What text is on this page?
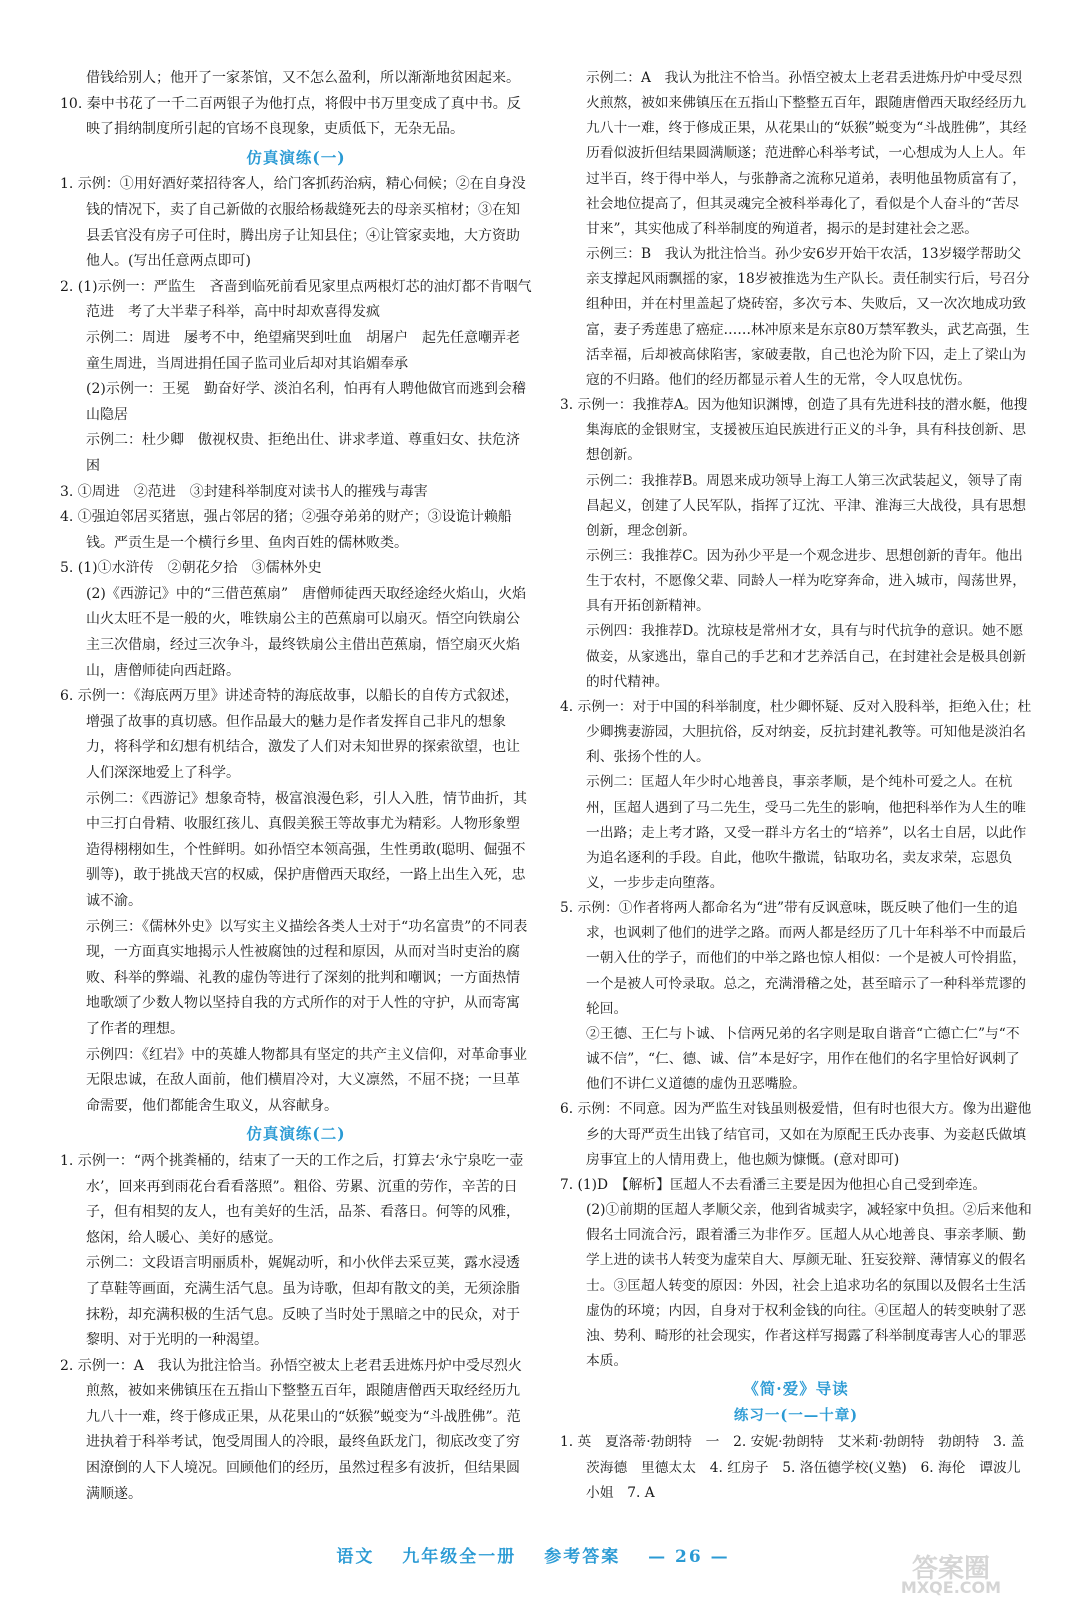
借钱给别人；他开了一家茶馆，又不怎么盈利，所以渐渐地贫困起来。

10. 秦中书花了一千二百两银子为他打点，将假中书万里变成了真中书。反映了捐纳制度所引起的官场不良现象，吏质低下，无杂无品。

仿真演练(一)

1. 示例：①用好酒好菜招待客人，给门客抓药治病，精心伺候；②在自身没钱的情况下，卖了自己新做的衣服给杨裁缝死去的母亲买棺材；③在知县丢官没有房子可住时，腾出房子让知县住；④让管家卖地，大方资助他人。(写出任意两点即可)

2. (1)示例一：严监生　吝啬到临死前看见家里点两根灯芯的油灯都不肯咽气　范进　考了大半辈子科举，高中时却欢喜得发疯

示例二：周进　屡考不中，绝望痛哭到吐血　胡屠户　起先任意嘲弄老童生周进，当周进捐任国子监司业后却对其谄媚奉承

(2)示例一：王冕　勤奋好学、淡泊名利，怕再有人聘他做官而逃到会稽山隐居

示例二：杜少卿　傲视权贵、拒绝出仕、讲求孝道、尊重妇女、扶危济困

3. ①周进　②范进　③封建科举制度对读书人的摧残与毒害

4. ①强迫邻居买猪崽，强占邻居的猪；②强夺弟弟的财产；③设诡计赖船钱。严贡生是一个横行乡里、鱼肉百姓的儒林败类。

5. (1)①水浒传　②朝花夕拾　③儒林外史

(2)《西游记》中的“三借芭蕉扇”　唐僧师徒西天取经途经火焰山，火焰山火太旺不是一般的火，唯铁扇公主的芭蕉扇可以扇灭。悟空向铁扇公主三次借扇，经过三次争斗，最终铁扇公主借出芭蕉扇，悟空扇灭火焰山，唐僧师徒向西赶路。

6. 示例一：《海底两万里》讲述奇特的海底故事，以船长的自传方式叙述，增强了故事的真切感。但作品最大的魅力是作者发挥自己非凡的想象力，将科学和幻想有机结合，激发了人们对未知世界的探索欲望，也让人们深深地爱上了科学。

示例二：《西游记》想象奇特，极富浪漫色彩，引人入胜，情节曲折，其中三打白骨精、收服红孩儿、真假美猴王等故事尤为精彩。人物形象塑造得栩栩如生，个性鲜明。如孙悟空本领高强，生性勇敢(聪明、倔强不驯等)，敢于挑战天宫的权威，保护唐僧西天取经，一路上出生入死，忠诚不渝。

示例三：《儒林外史》以写实主义描绘各类人士对于“功名富贵”的不同表现，一方面真实地揭示人性被腐蚀的过程和原因，从而对当时吏治的腐败、科举的弊端、礼教的虚伪等进行了深刻的批判和嘲讽；一方面热情地歌颂了少数人物以坚持自我的方式所作的对于人性的守护，从而寄寓了作者的理想。

示例四：《红岩》中的英雄人物都具有坚定的共产主义信仰，对革命事业无限忠诚，在敌人面前，他们横眉冷对，大义凛然，不屈不挠；一旦革命需要，他们都能舍生取义，从容献身。

仿真演练(二)

1. 示例一：“两个挑粪桶的，结束了一天的工作之后，打算去‘永宁泉吃一壶水’，回来再到雨花台看看落照”。粗俗、劳累、沉重的劳作，辛苦的日子，但有相契的友人，也有美好的生活，品茶、看落日。何等的风雅，悠闲，给人暖心、美好的感觉。

示例二：文段语言明丽质朴，娓娓动听，和小伙伴去采豆荚，露水浸透了草鞋等画面，充满生活气息。虽为诗歌，但却有散文的美，无须涂脂抹粉，却充满积极的生活气息。反映了当时处于黑暗之中的民众，对于黎明、对于光明的一种渴望。

2. 示例一：A　我认为批注恰当。孙悟空被太上老君丢进炼丹炉中受尽烈火煎熬，被如来佛镇压在五指山下整整五百年，跟随唐僧西天取经经历九九八十一难，终于修成正果，从花果山的“妖猴”蜕变为“斗战胜佛”。范进执着于科举考试，饱受周围人的冷眼，最终鱼跃龙门，彻底改变了穷困潦倒的人下人境况。回顾他们的经历，虽然过程多有波折，但结果圆满顺遂。

示例二：A　我认为批注不恰当。孙悟空被太上老君丢进炼丹炉中受尽烈火煎熬，被如来佛镇压在五指山下整整五百年，跟随唐僧西天取经经历九九八十一难，终于修成正果，从花果山的“妖猴”蜕变为“斗战胜佛”，其经历看似波折但结果圆满顺遂；范进醉心科举考试，一心想成为人上人。年过半百，终于得中举人，与张静斋之流称兄道弟，表明他虽物质富有了，社会地位提高了，但其灵魂完全被科举毒化了，看似是个人奋斗的“苦尽甘来”，其实他成了科举制度的殉道者，揭示的是封建社会之恶。

示例三：B　我认为批注恰当。孙少安6岁开始干农活，13岁辍学帮助父亲支撑起风雨飘摇的家，18岁被推选为生产队长。责任制实行后，号召分组种田，并在村里盖起了烧砖窑，多次亏本、失败后，又一次次地成功致富，妻子秀莲患了癌症……林冲原来是东京80万禁军教头，武艺高强，生活幸福，后却被高俅陷害，家破妻散，自己也沦为阶下囚，走上了梁山为寇的不归路。他们的经历都显示着人生的无常，令人叹息忧伤。

3. 示例一：我推荐A。因为他知识渊博，创造了具有先进科技的潜水艇，他搜集海底的金银财宝，支援被压迫民族进行正义的斗争，具有科技创新、思想创新。

示例二：我推荐B。周恩来成功领导上海工人第三次武装起义，领导了南昌起义，创建了人民军队，指挥了辽沈、平津、淮海三大战役，具有思想创新，理念创新。

示例三：我推荐C。因为孙少平是一个观念进步、思想创新的青年。他出生于农村，不愿像父辈、同龄人一样为吃穿奔命，进入城市，闯荡世界，具有开拓创新精神。

示例四：我推荐D。沈琼枝是常州才女，具有与时代抗争的意识。她不愿做妾，从家逃出，靠自己的手艺和才艺养活自己，在封建社会是极具创新的时代精神。

4. 示例一：对于中国的科举制度，杜少卿怀疑、反对入股科举，拒绝入仕；杜少卿携妻游园，大胆抗俗，反对纳妾，反抗封建礼教等。可知他是淡泊名利、张扬个性的人。

示例二：匡超人年少时心地善良，事亲孝顺，是个纯朴可爱之人。在杭州，匡超人遇到了马二先生，受马二先生的影响，他把科举作为人生的唯一出路；走上考才路，又受一群斗方名士的“培养”，以名士自居，以此作为追名逐利的手段。自此，他吹牛撒谎，钻取功名，卖友求荣，忘恩负义，一步步走向堕落。

5. 示例：①作者将两人都命名为“进”带有反讽意味，既反映了他们一生的追求，也讽刺了他们的进学之路。而两人都是经历了几十年科举不中而最后一朝入仕的学子，而他们的中举之路也惊人相似：一个是被人可怜捐监，一个是被人可怜录取。总之，充满滑稽之处，甚至暗示了一种科举荒谬的轮回。

②王德、王仁与卜诚、卜信两兄弟的名字则是取自谐音“亡德亡仁”与“不诚不信”，“仁、德、诚、信”本是好字，用作在他们的名字里恰好讽刺了他们不讲仁义道德的虚伪丑恶嘴脸。

6. 示例：不同意。因为严监生对钱虽则极爱惜，但有时也很大方。像为出避他乡的大哥严贡生出钱了结官司，又如在为原配王氏办丧事、为妾赵氏做填房事宜上的人情用费上，他也颇为慷慨。(意对即可)

7. (1)D　【解析】匡超人不去看潘三主要是因为他担心自己受到牵连。

(2)①前期的匡超人孝顺父亲，他到省城卖字，减轻家中负担。②后来他和假名士同流合污，跟着潘三为非作歹。匡超人从心地善良、事亲孝顺、勤学上进的读书人转变为虚荣自大、厚颜无耻、狂妄狡辩、薄情寡义的假名士。③匡超人转变的原因：外因，社会上追求功名的氛围以及假名士生活虚伪的环境；内因，自身对于权利金钱的向往。④匡超人的转变映射了恶浊、势利、畸形的社会现实，作者这样写揭露了科举制度毒害人心的罪恶本质。

《简·爱》导读
练习一(一—十章)

1. 英　夏洛蒂·勃朗特　一　2. 安妮·勃朗特　艾米莉·勃朗特　勃朗特　3. 盖茨海德　里德太太　4. 红房子　5. 洛伍德学校(义塾)　6. 海伦　谭波儿小姐　7. A

语文 九年级全一册 参考答案 — 26 —	答案圈
MXQE.COM
